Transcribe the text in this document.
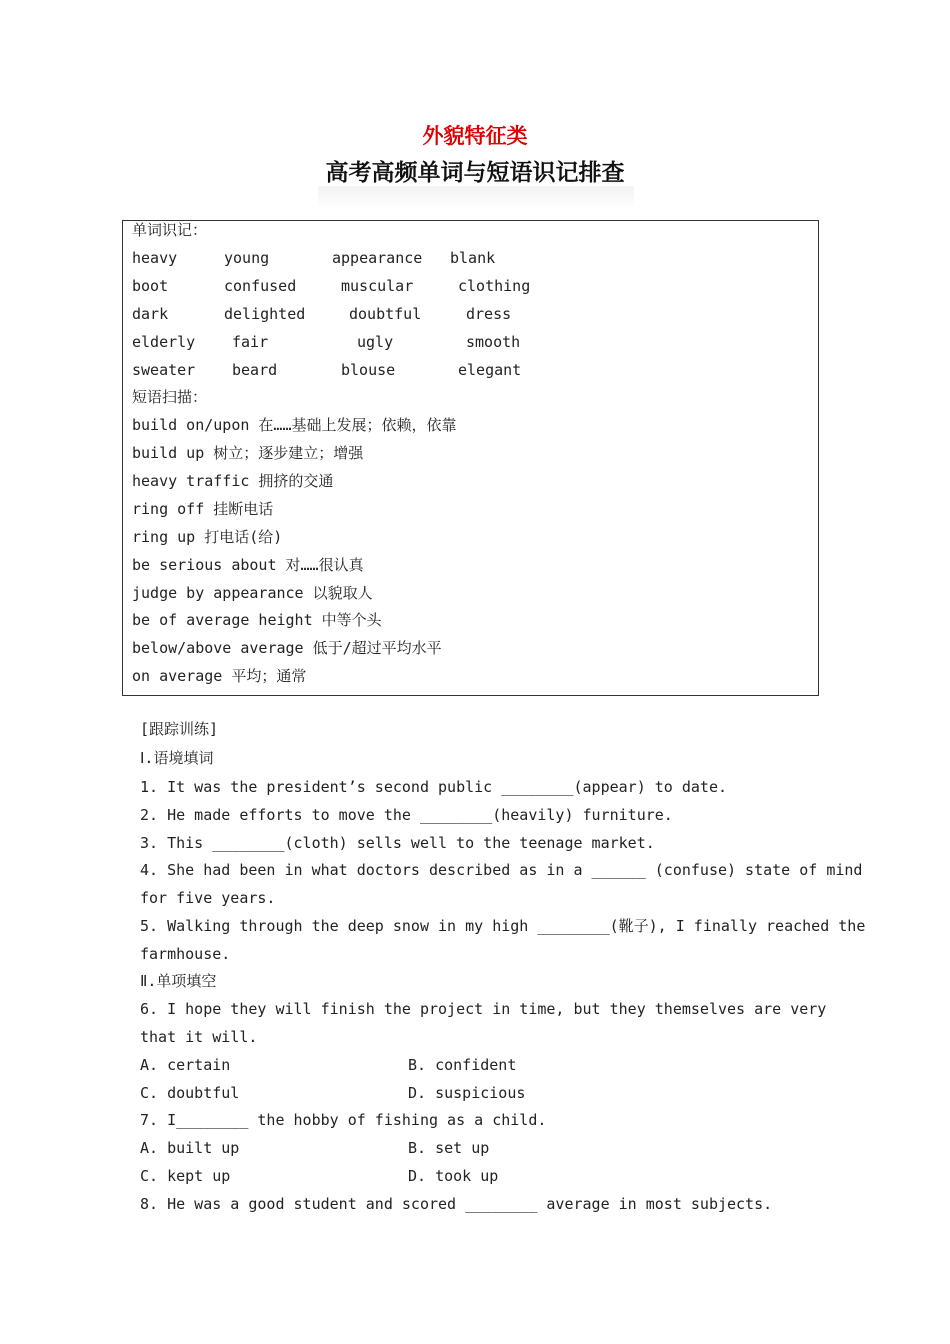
外貌特征类
高考高频单词与短语识记排查
单词识记：
heavy	young	appearance blank
boot	confused	muscular	clothing
dark	delighted	doubtful	dress
elderly fair	ugly	smooth
sweater beard	blouse	elegant
短语扫描：
build on/upon 在……基础上发展；依赖，依靠
build up 树立；逐步建立；增强
heavy traffic 拥挤的交通
ring off 挂断电话
ring up 打电话(给)
be serious about 对……很认真
judge by appearance 以貌取人
be of average height 中等个头
below/above average 低于/超过平均水平
on average 平均；通常
[跟踪训练]
Ⅰ.语境填词
1. It was the president’s second public ________(appear) to date.
2. He made efforts to move the ________(heavily) furniture.
3. This ________(cloth) sells well to the teenage market.
4. She had been in what doctors described as in a ______ (confuse) state of mind
for five years.
5. Walking through the deep snow in my high ________(靴子), I finally reached the
farmhouse.
Ⅱ.单项填空
6. I hope they will finish the project in time, but they themselves are very
that it will.
A. certain	B. confident
C. doubtful	D. suspicious
7. I________ the hobby of fishing as a child.
A. built up	B. set up
C. kept up	D. took up
8. He was a good student and scored ________ average in most subjects.
